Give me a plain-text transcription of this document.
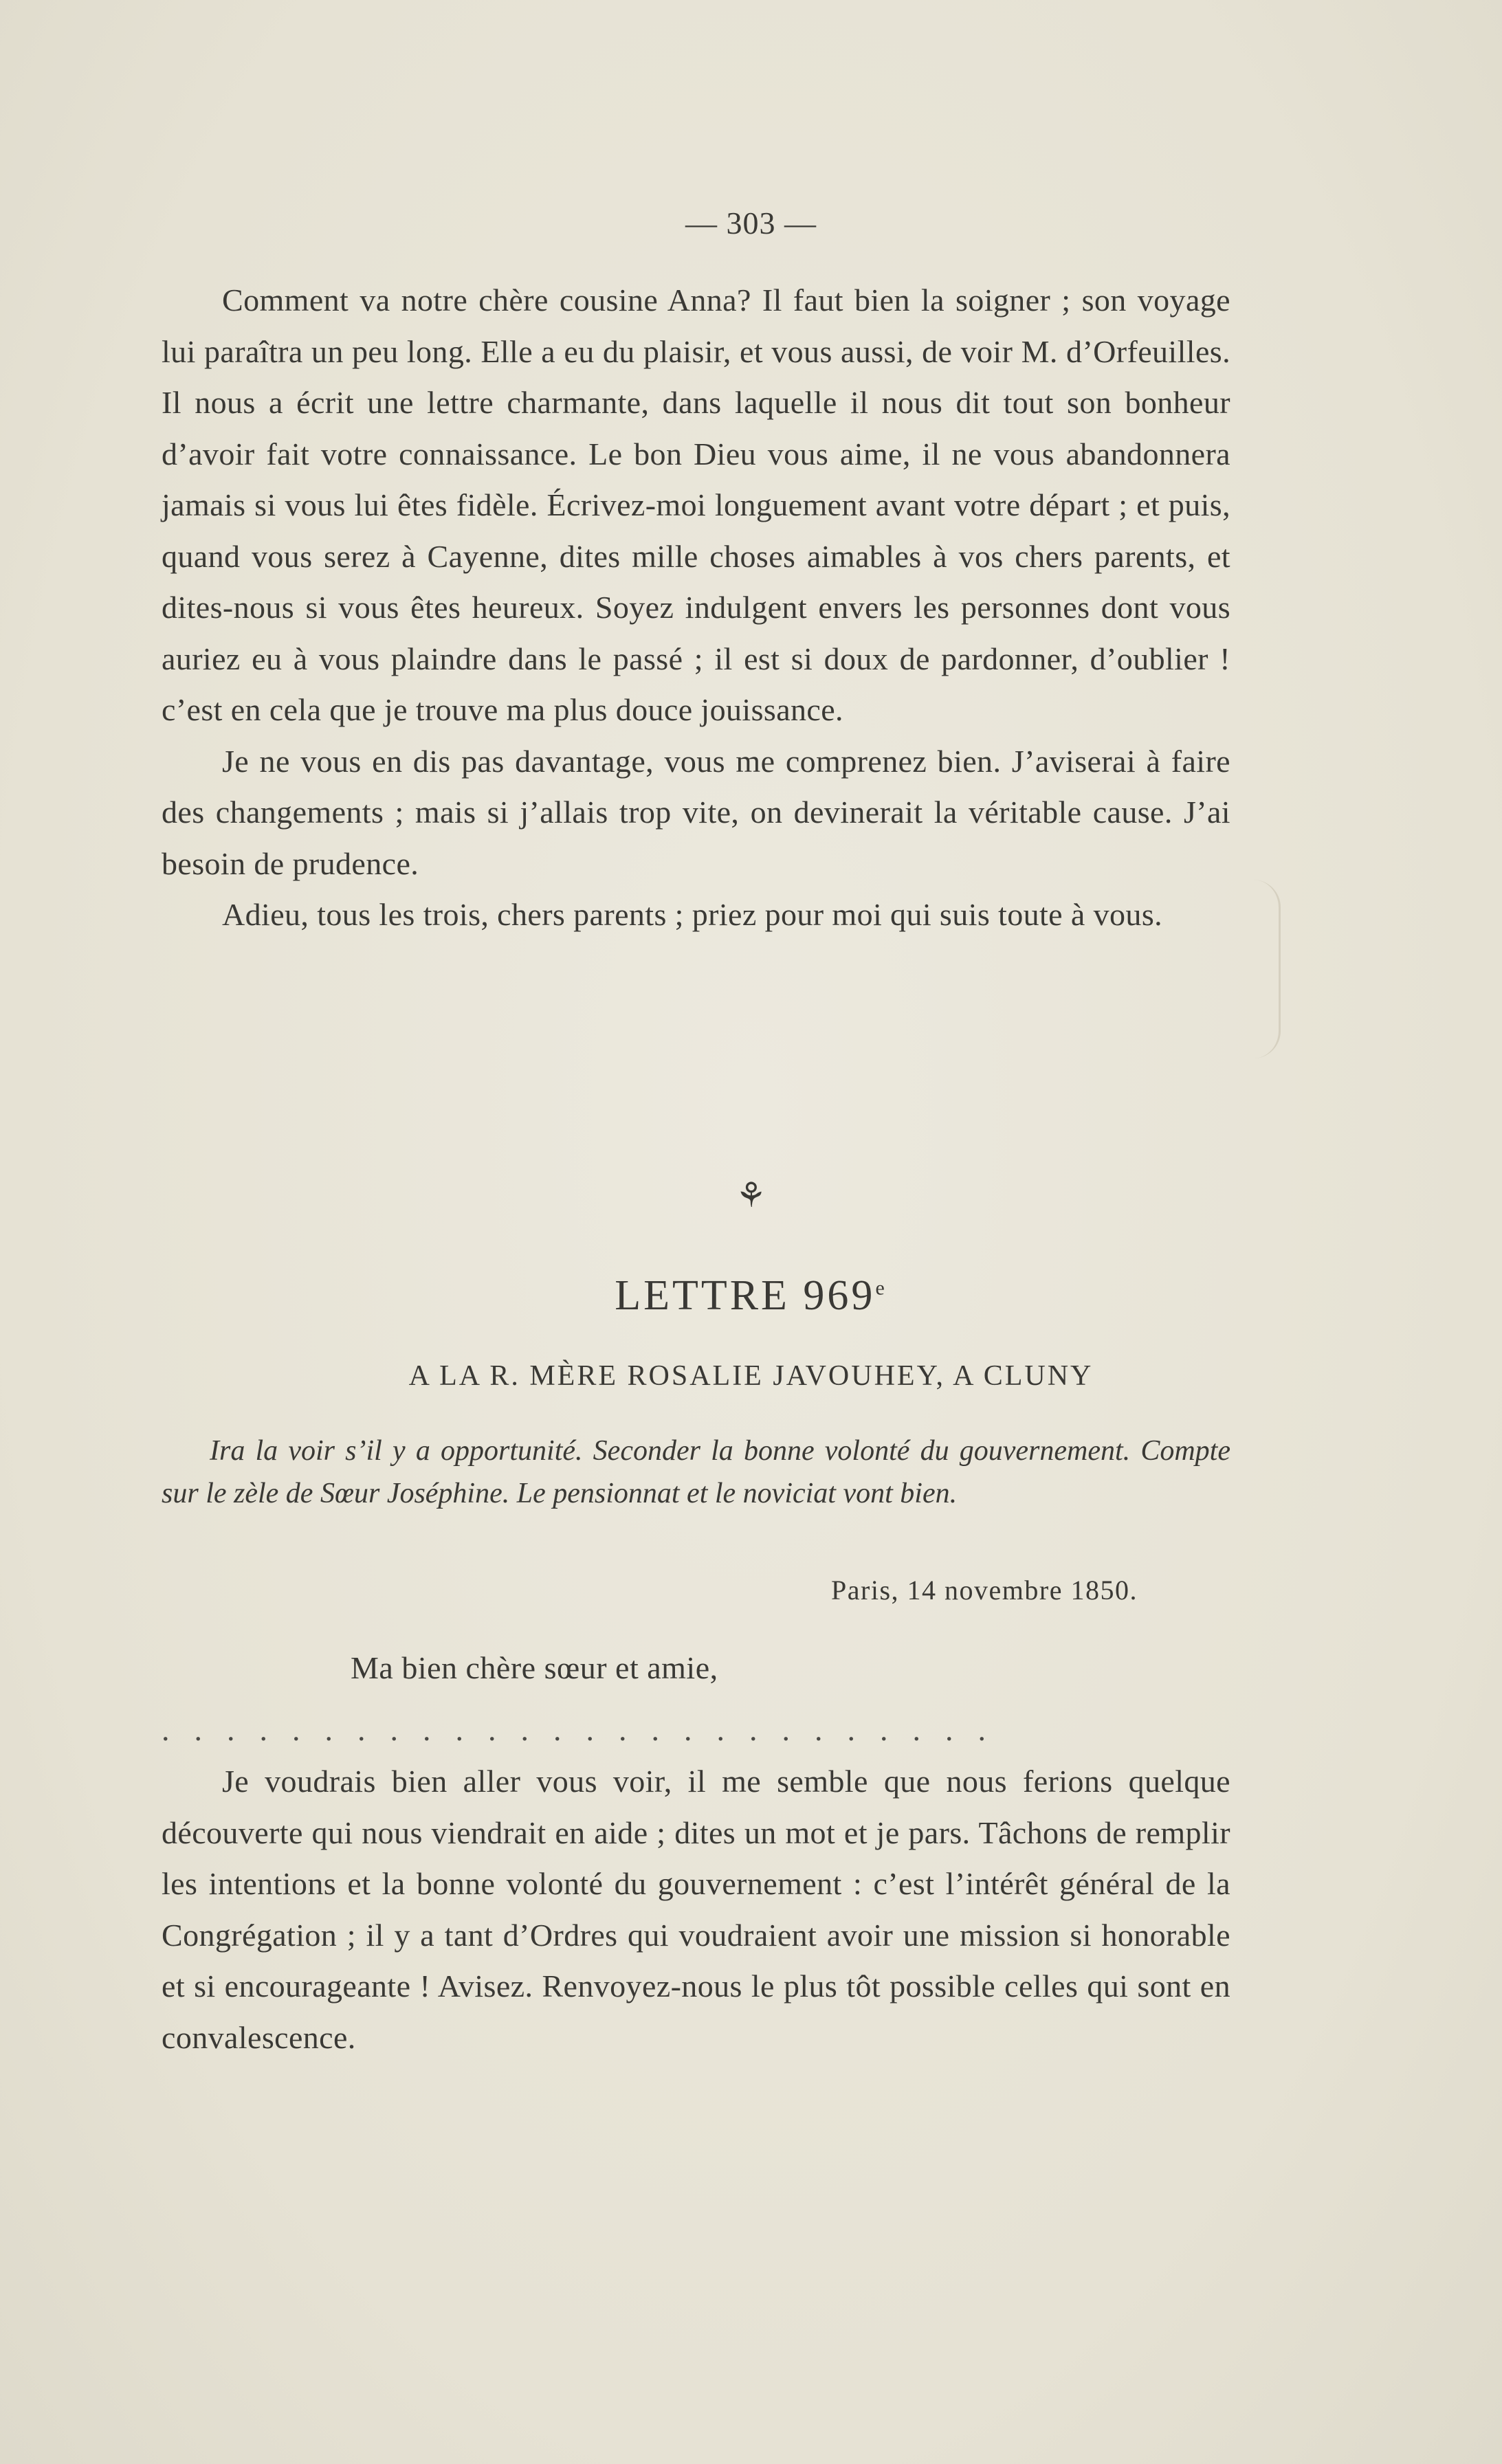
— 303 —

Comment va notre chère cousine Anna? Il faut bien la soigner ; son voyage lui paraîtra un peu long. Elle a eu du plaisir, et vous aussi, de voir M. d’Orfeuilles. Il nous a écrit une lettre charmante, dans laquelle il nous dit tout son bonheur d’avoir fait votre connaissance. Le bon Dieu vous aime, il ne vous abandonnera jamais si vous lui êtes fidèle. Écrivez-moi longuement avant votre départ ; et puis, quand vous serez à Cayenne, dites mille choses aimables à vos chers parents, et dites-nous si vous êtes heureux. Soyez indulgent envers les personnes dont vous auriez eu à vous plaindre dans le passé ; il est si doux de pardonner, d’oublier ! c’est en cela que je trouve ma plus douce jouissance.

Je ne vous en dis pas davantage, vous me comprenez bien. J’aviserai à faire des changements ; mais si j’allais trop vite, on devinerait la véritable cause. J’ai besoin de prudence.

Adieu, tous les trois, chers parents ; priez pour moi qui suis toute à vous.

⚘
LETTRE 969e
A LA R. MÈRE ROSALIE JAVOUHEY, A CLUNY

Ira la voir s’il y a opportunité. Seconder la bonne volonté du gouvernement. Compte sur le zèle de Sœur Joséphine. Le pensionnat et le noviciat vont bien.

Paris, 14 novembre 1850.
Ma bien chère sœur et amie,
..........................

Je voudrais bien aller vous voir, il me semble que nous ferions quelque découverte qui nous viendrait en aide ; dites un mot et je pars. Tâchons de remplir les intentions et la bonne volonté du gouvernement : c’est l’intérêt général de la Congrégation ; il y a tant d’Ordres qui voudraient avoir une mission si honorable et si encourageante ! Avisez. Renvoyez-nous le plus tôt possible celles qui sont en convalescence.
